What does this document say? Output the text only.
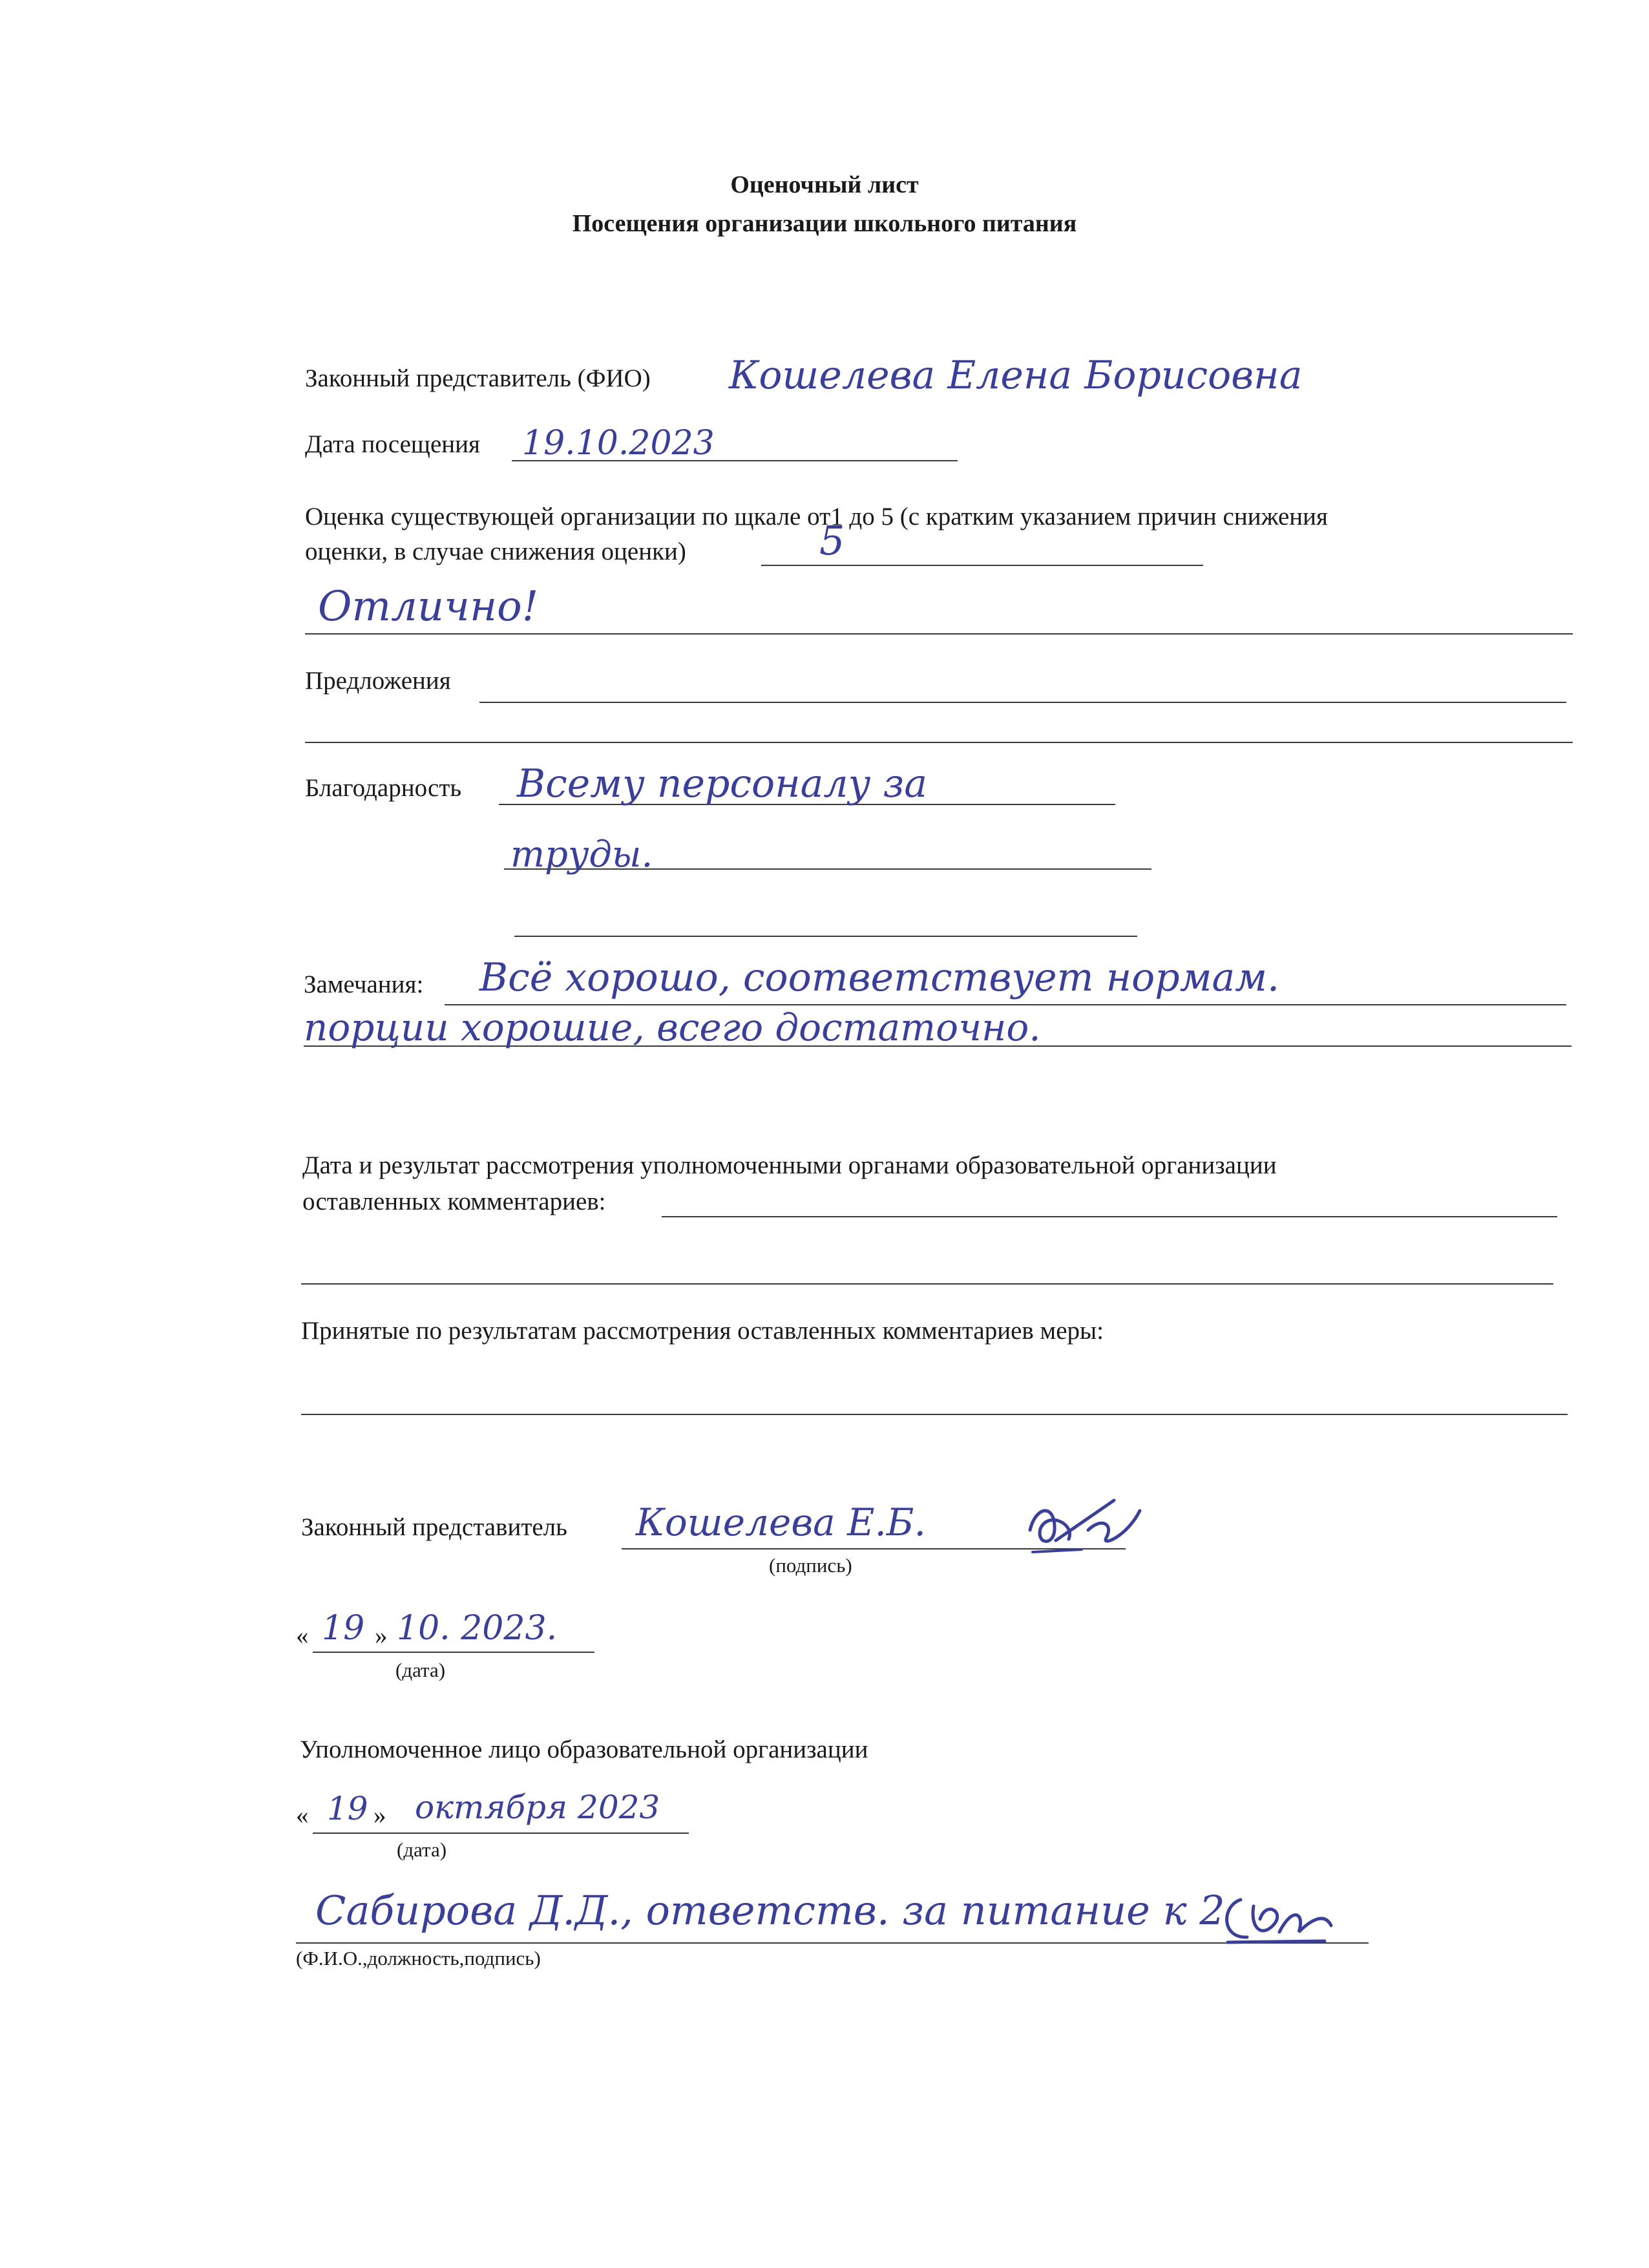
Оценочный лист
Посещения организации школьного питания
Законный представитель (ФИО) Кошелева Елена Борисовна
Дата посещения 19.10.2023
Оценка существующей организации по щкале от1 до 5 (с кратким указанием причин снижения
оценки, в случае снижения оценки)	5
Отлично!
Предложения
Благодарность Всему персоналу за
труды.
Замечания: Всё хорошо, соответствует нормам.
порции хорошие, всего достаточно.
Дата и результат рассмотрения уполномоченными органами образовательной организации
оставленных комментариев:
Принятые по результатам рассмотрения оставленных комментариев меры:
Законный представитель Кошелева Е.Б.
(подпись)
« 19 » 10. 2023.
(дата)
Уполномоченное лицо образовательной организации
« 19 » октября 2023
(дата)
Сабирова Д.Д., ответств. за питание к 2
(Ф.И.О.,должность,подпись)
